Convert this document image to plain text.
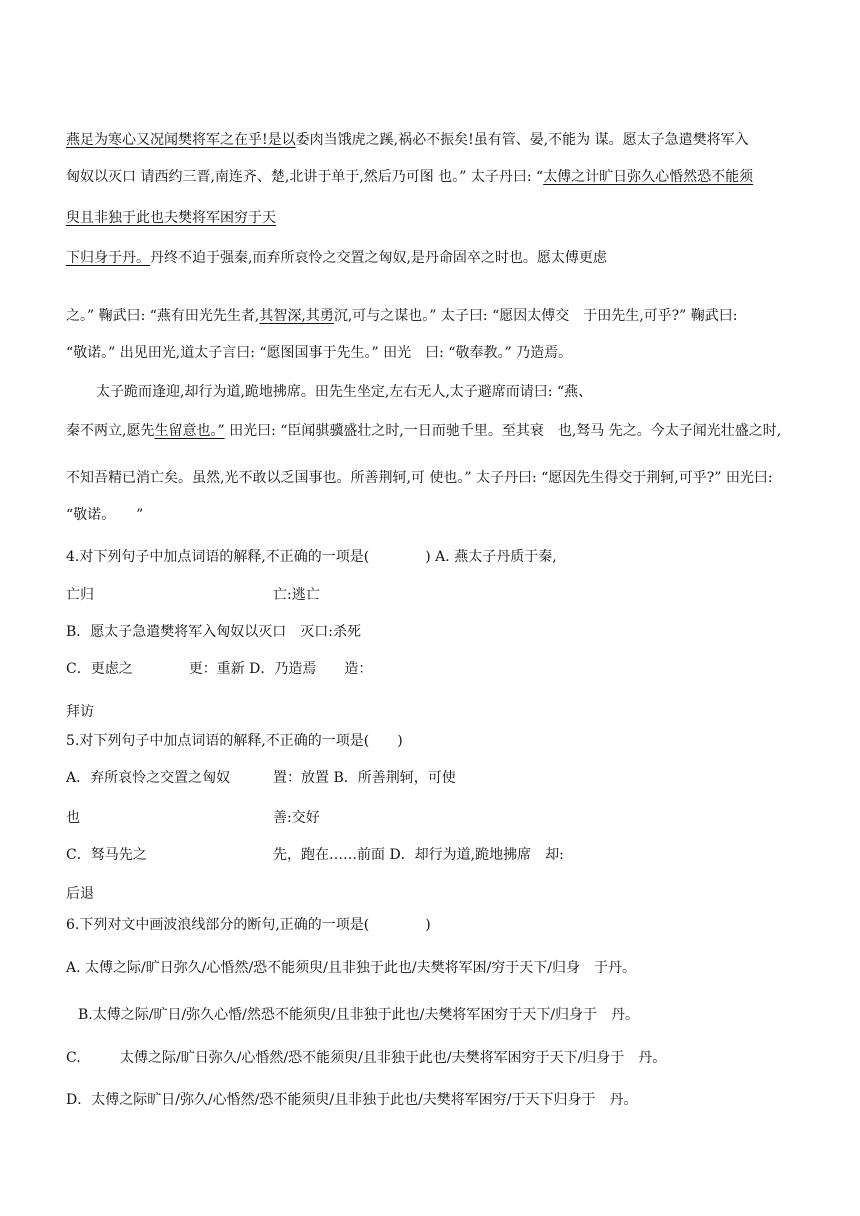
燕足为寒心又况闻樊将军之在乎!是以委肉当饿虎之蹊,祸必不振矣!虽有管、晏,不能为 谋。愿太子急遣樊将军入
匈奴以灭口 请西约三晋,南连齐、楚,北讲于单于,然后乃可图 也。” 太子丹曰: “太傅之计旷日弥久心惛然恐不能须
臾且非独于此也夫樊将军困穷于天
下归身于丹。丹终不迫于强秦,而弃所哀怜之交置之匈奴,是丹命固卒之时也。愿太傅更虑
之。” 鞠武曰: “燕有田光先生者,其智深,其勇沉,可与之谋也。” 太子曰: “愿因太傅交　于田先生,可乎?” 鞠武曰:
“敬诺。” 出见田光,道太子言曰: “愿图国事于先生。” 田光　曰: “敬奉教。” 乃造焉。
太子跪而逢迎,却行为道,跪地拂席。田先生坐定,左右无人,太子避席而请曰: “燕、
秦不两立,愿先生留意也。” 田光曰: “臣闻骐骥盛壮之时,一日而驰千里。至其衰　也,驽马 先之。今太子闻光壮盛之时,
不知吾精已消亡矣。虽然,光不敢以乏国事也。所善荆轲,可 使也。” 太子丹曰: “愿因先生得交于荆轲,可乎?” 田光曰:
“敬诺。　　”
4.对下列句子中加点词语的解释,不正确的一项是(　　　　) A. 燕太子丹质于秦,
亡归	亡:逃亡
B．愿太子急遣樊将军入匈奴以灭口　灭口:杀死
C．更虑之　　　　更：重新 D．乃造焉　　造：
拜访
5.对下列句子中加点词语的解释,不正确的一项是(　　)
A．弃所哀怜之交置之匈奴	置：放置 B．所善荆轲，可使
也	善:交好
C．驽马先之	先，跑在……前面 D．却行为道,跪地拂席　却:
后退
6.下列对文中画波浪线部分的断句,正确的一项是(　　　　)
A. 太傅之际/旷日弥久/心惛然/恐不能须臾/且非独于此也/夫樊将军困/穷于天下/归身　于丹。
B.太傅之际/旷日/弥久心惛/然恐不能须臾/且非独于此也/夫樊将军困穷于天下/归身于　丹。
C.	太傅之际/旷日弥久/心惛然/恐不能须臾/且非独于此也/夫樊将军困穷于天下/归身于　丹。
D．太傅之际旷日/弥久/心惛然/恐不能须臾/且非独于此也/夫樊将军困穷/于天下归身于　丹。
